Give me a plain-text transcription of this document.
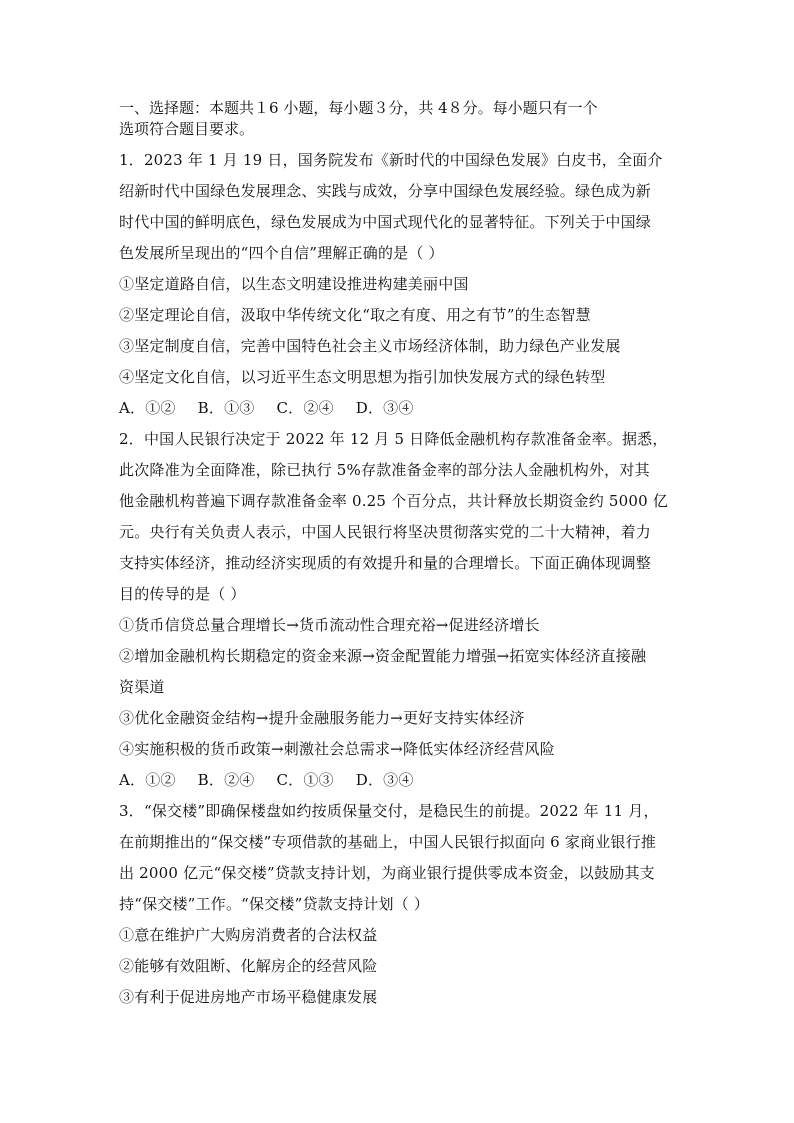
一、选择题：本题共１6 小题，每小题３分，共 4８分。每小题只有一个
选项符合题目要求。
1．2023 年 1 月 19 日，国务院发布《新时代的中国绿色发展》白皮书，全面介
绍新时代中国绿色发展理念、实践与成效，分享中国绿色发展经验。绿色成为新
时代中国的鲜明底色，绿色发展成为中国式现代化的显著特征。下列关于中国绿
色发展所呈现出的“四个自信”理解正确的是（ ）
①坚定道路自信，以生态文明建设推进构建美丽中国
②坚定理论自信，汲取中华传统文化“取之有度、用之有节”的生态智慧
③坚定制度自信，完善中国特色社会主义市场经济体制，助力绿色产业发展
④坚定文化自信，以习近平生态文明思想为指引加快发展方式的绿色转型
A．①② B．①③ C．②④ D．③④
2．中国人民银行决定于 2022 年 12 月 5 日降低金融机构存款准备金率。据悉，
此次降准为全面降准，除已执行 5%存款准备金率的部分法人金融机构外，对其
他金融机构普遍下调存款准备金率 0.25 个百分点，共计释放长期资金约 5000 亿
元。央行有关负责人表示，中国人民银行将坚决贯彻落实党的二十大精神，着力
支持实体经济，推动经济实现质的有效提升和量的合理增长。下面正确体现调整
目的传导的是（ ）
①货币信贷总量合理增长→货币流动性合理充裕→促进经济增长
②增加金融机构长期稳定的资金来源→资金配置能力增强→拓宽实体经济直接融
资渠道
③优化金融资金结构→提升金融服务能力→更好支持实体经济
④实施积极的货币政策→刺激社会总需求→降低实体经济经营风险
A．①② B．②④ C．①③ D．③④
3．“保交楼”即确保楼盘如约按质保量交付，是稳民生的前提。2022 年 11 月，
在前期推出的“保交楼”专项借款的基础上，中国人民银行拟面向 6 家商业银行推
出 2000 亿元“保交楼”贷款支持计划，为商业银行提供零成本资金，以鼓励其支
持“保交楼”工作。“保交楼”贷款支持计划（ ）
①意在维护广大购房消费者的合法权益
②能够有效阻断、化解房企的经营风险
③有利于促进房地产市场平稳健康发展
